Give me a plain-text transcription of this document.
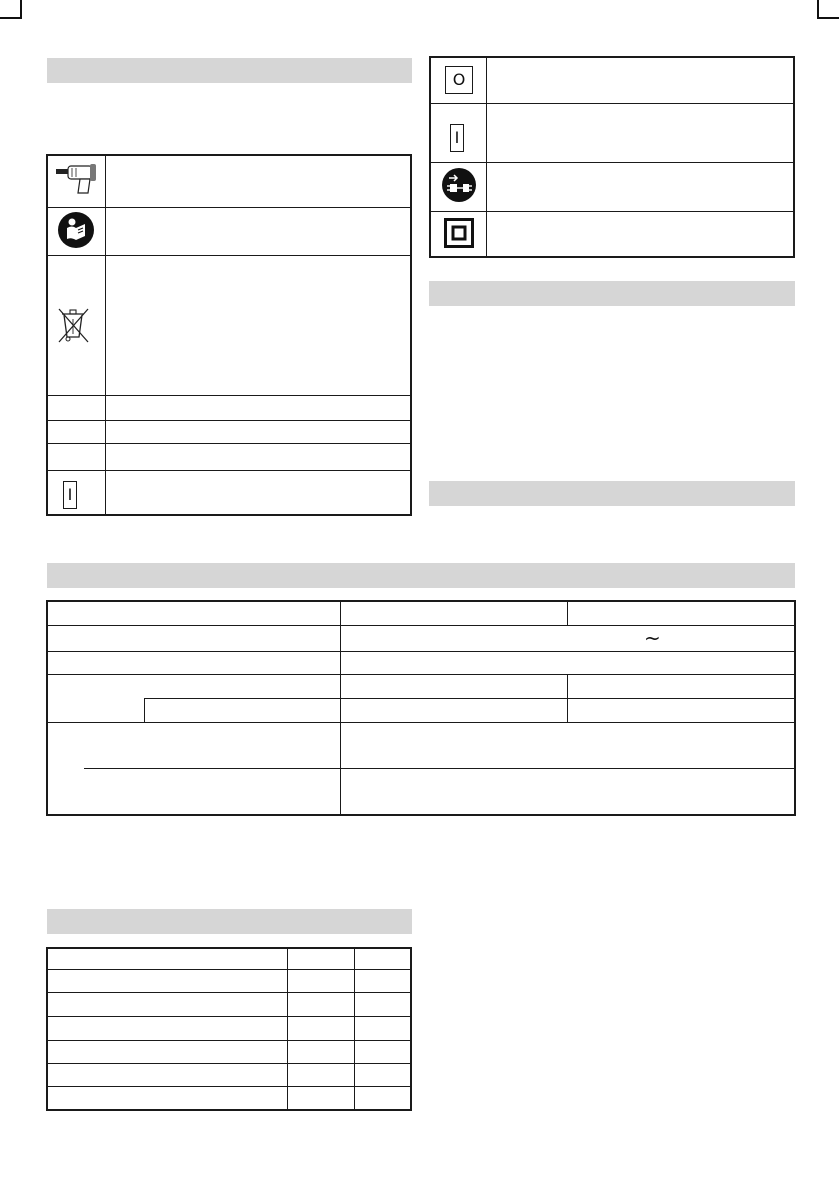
I
O
I
~
